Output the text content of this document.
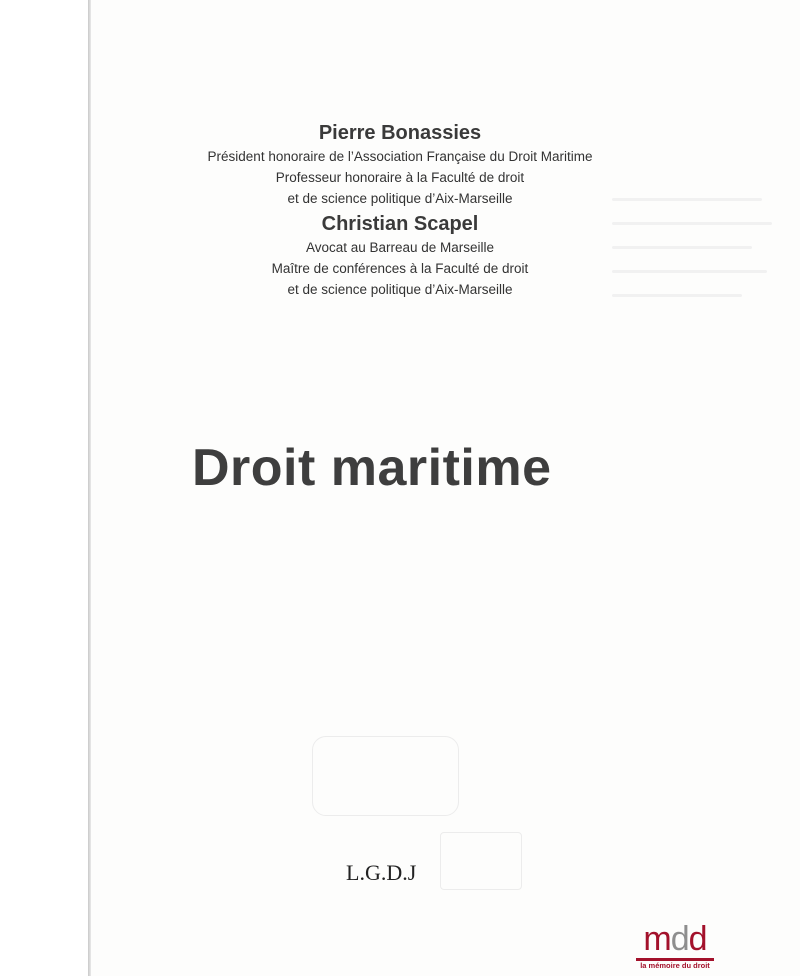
Pierre Bonassies
Président honoraire de l’Association Française du Droit Maritime
Professeur honoraire à la Faculté de droit
et de science politique d’Aix-Marseille
Christian Scapel
Avocat au Barreau de Marseille
Maître de conférences à la Faculté de droit
et de science politique d’Aix-Marseille
Droit maritime
L.G.D.J
mdd
la mémoire du droit
